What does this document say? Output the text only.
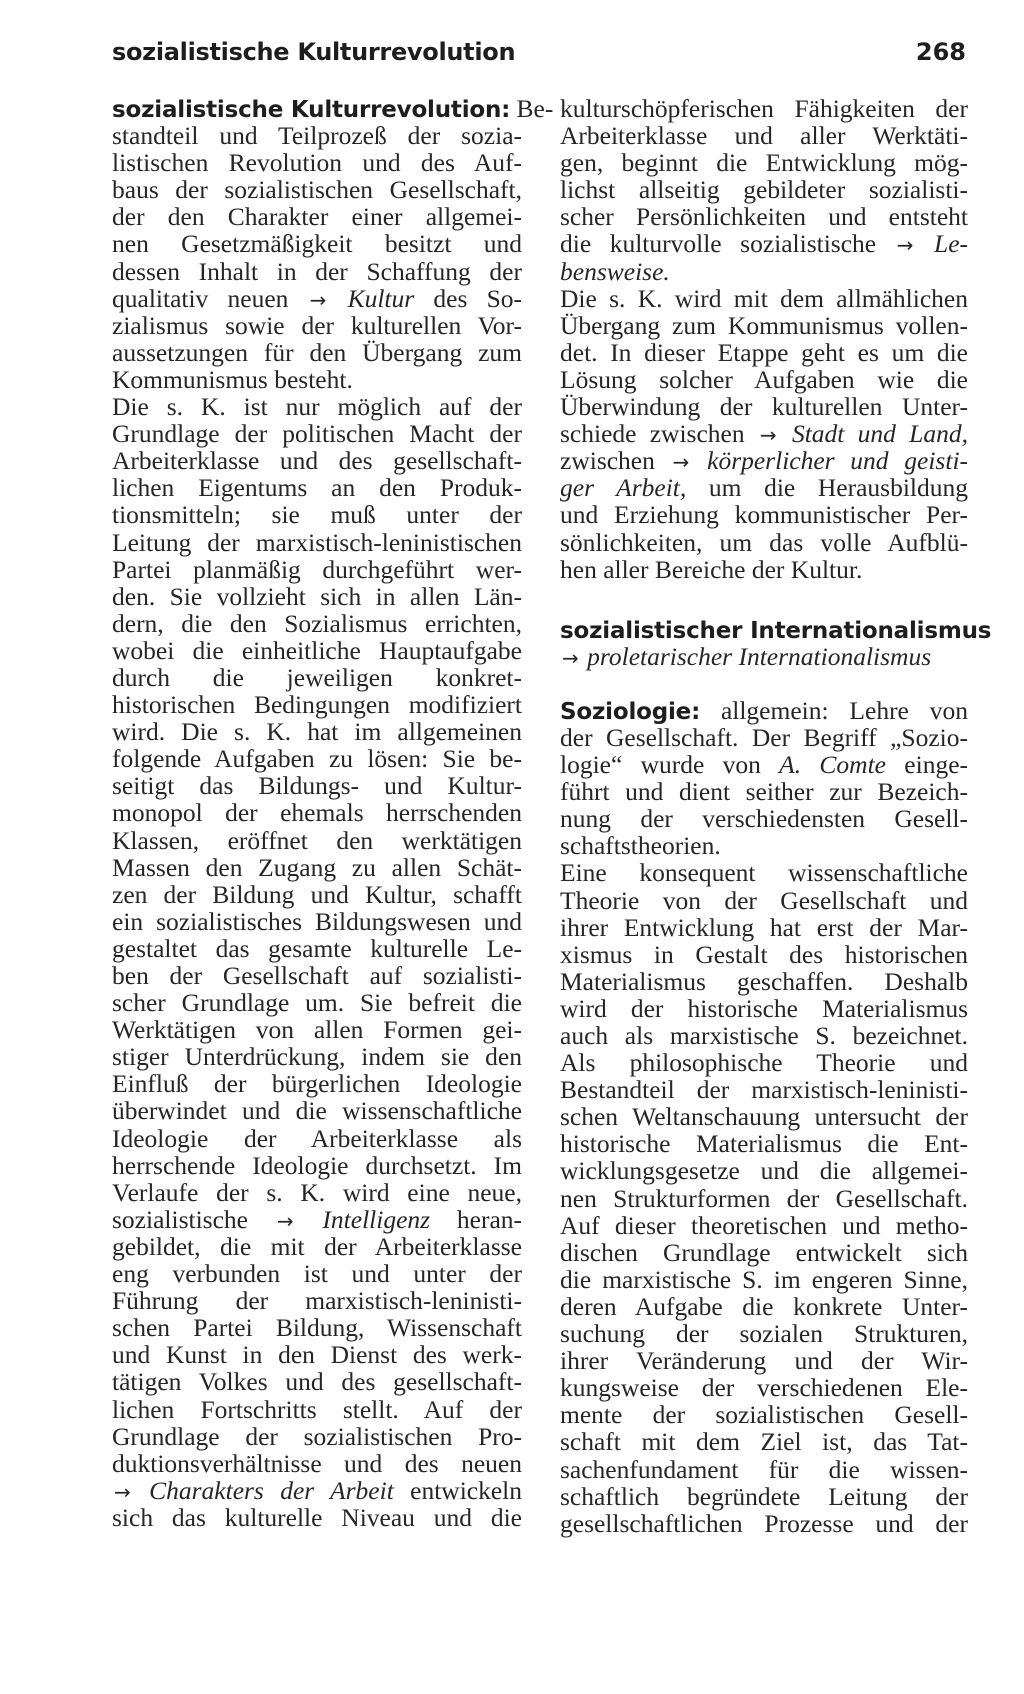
sozialistische Kulturrevolution	268
sozialistische Kulturrevolution: Be-
standteil und Teilprozeß der sozia-
listischen Revolution und des Auf-
baus der sozialistischen Gesellschaft,
der den Charakter einer allgemei-
nen Gesetzmäßigkeit besitzt und
dessen Inhalt in der Schaffung der
qualitativ neuen → Kultur des So-
zialismus sowie der kulturellen Vor-
aussetzungen für den Übergang zum
Kommunismus besteht.
Die s. K. ist nur möglich auf der
Grundlage der politischen Macht der
Arbeiterklasse und des gesellschaft-
lichen Eigentums an den Produk-
tionsmitteln; sie muß unter der
Leitung der marxistisch-leninistischen
Partei planmäßig durchgeführt wer-
den. Sie vollzieht sich in allen Län-
dern, die den Sozialismus errichten,
wobei die einheitliche Hauptaufgabe
durch die jeweiligen konkret-
historischen Bedingungen modifiziert
wird. Die s. K. hat im allgemeinen
folgende Aufgaben zu lösen: Sie be-
seitigt das Bildungs- und Kultur-
monopol der ehemals herrschenden
Klassen, eröffnet den werktätigen
Massen den Zugang zu allen Schät-
zen der Bildung und Kultur, schafft
ein sozialistisches Bildungswesen und
gestaltet das gesamte kulturelle Le-
ben der Gesellschaft auf sozialisti-
scher Grundlage um. Sie befreit die
Werktätigen von allen Formen gei-
stiger Unterdrückung, indem sie den
Einfluß der bürgerlichen Ideologie
überwindet und die wissenschaftliche
Ideologie der Arbeiterklasse als
herrschende Ideologie durchsetzt. Im
Verlaufe der s. K. wird eine neue,
sozialistische → Intelligenz heran-
gebildet, die mit der Arbeiterklasse
eng verbunden ist und unter der
Führung der marxistisch-leninisti-
schen Partei Bildung, Wissenschaft
und Kunst in den Dienst des werk-
tätigen Volkes und des gesellschaft-
lichen Fortschritts stellt. Auf der
Grundlage der sozialistischen Pro-
duktionsverhältnisse und des neuen
→ Charakters der Arbeit entwickeln
sich das kulturelle Niveau und die
kulturschöpferischen Fähigkeiten der
Arbeiterklasse und aller Werktäti-
gen, beginnt die Entwicklung mög-
lichst allseitig gebildeter sozialisti-
scher Persönlichkeiten und entsteht
die kulturvolle sozialistische → Le-
bensweise.
Die s. K. wird mit dem allmählichen
Übergang zum Kommunismus vollen-
det. In dieser Etappe geht es um die
Lösung solcher Aufgaben wie die
Überwindung der kulturellen Unter-
schiede zwischen → Stadt und Land,
zwischen → körperlicher und geisti-
ger Arbeit, um die Herausbildung
und Erziehung kommunistischer Per-
sönlichkeiten, um das volle Aufblü-
hen aller Bereiche der Kultur.
sozialistischer Internationalismus
→ proletarischer Internationalismus
Soziologie: allgemein: Lehre von
der Gesellschaft. Der Begriff „Sozio-
logie“ wurde von A. Comte einge-
führt und dient seither zur Bezeich-
nung der verschiedensten Gesell-
schaftstheorien.
Eine konsequent wissenschaftliche
Theorie von der Gesellschaft und
ihrer Entwicklung hat erst der Mar-
xismus in Gestalt des historischen
Materialismus geschaffen. Deshalb
wird der historische Materialismus
auch als marxistische S. bezeichnet.
Als philosophische Theorie und
Bestandteil der marxistisch-leninisti-
schen Weltanschauung untersucht der
historische Materialismus die Ent-
wicklungsgesetze und die allgemei-
nen Strukturformen der Gesellschaft.
Auf dieser theoretischen und metho-
dischen Grundlage entwickelt sich
die marxistische S. im engeren Sinne,
deren Aufgabe die konkrete Unter-
suchung der sozialen Strukturen,
ihrer Veränderung und der Wir-
kungsweise der verschiedenen Ele-
mente der sozialistischen Gesell-
schaft mit dem Ziel ist, das Tat-
sachenfundament für die wissen-
schaftlich begründete Leitung der
gesellschaftlichen Prozesse und der
